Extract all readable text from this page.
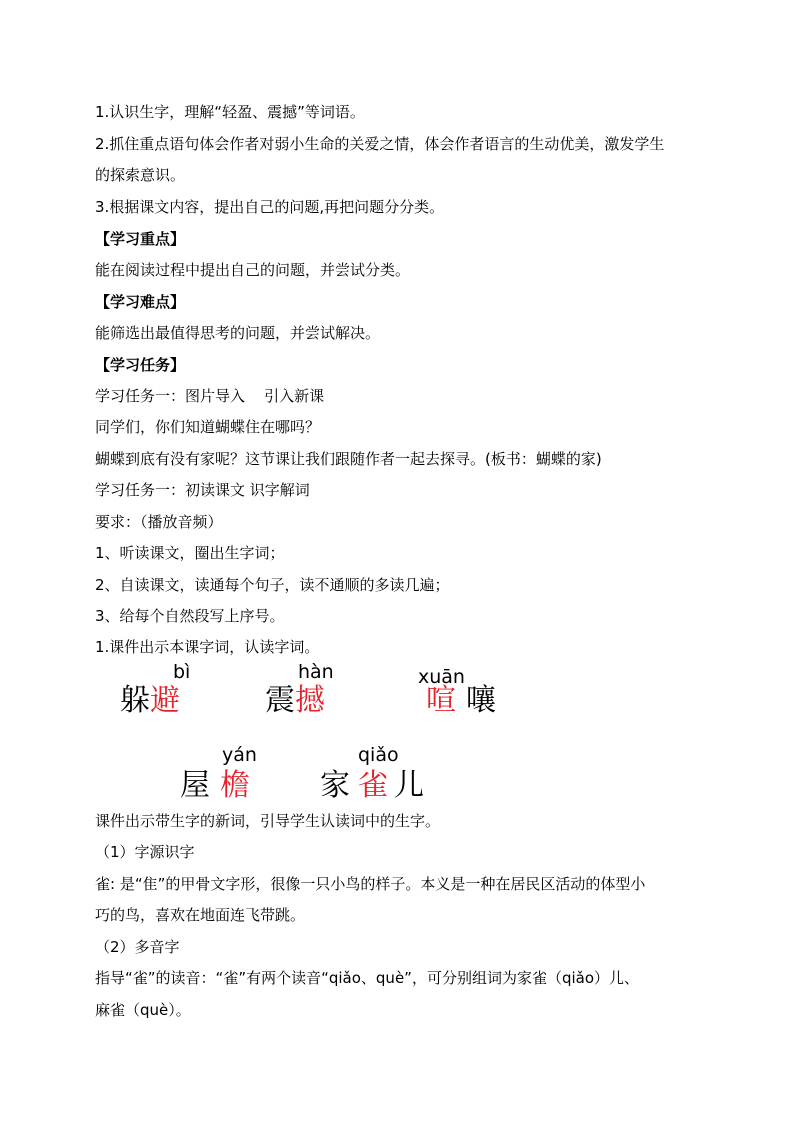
1.认识生字，理解“轻盈、震撼”等词语。
2.抓住重点语句体会作者对弱小生命的关爱之情，体会作者语言的生动优美，激发学生
的探索意识。
3.根据课文内容，提出自己的问题,再把问题分分类。
【学习重点】
能在阅读过程中提出自己的问题，并尝试分类。
【学习难点】
能筛选出最值得思考的问题，并尝试解决。
【学习任务】
学习任务一：图片导入    引入新课
同学们，你们知道蝴蝶住在哪吗？
蝴蝶到底有没有家呢？这节课让我们跟随作者一起去探寻。(板书：蝴蝶的家)
学习任务一：初读课文 识字解词
要求：（播放音频）
1、听读课文，圈出生字词；
2、自读课文，读通每个句子，读不通顺的多读几遍；
3、给每个自然段写上序号。
1.课件出示本课字词，认读字词。
bì
躲避
hàn
震撼
xuān
喧 嚷
yán
屋 檐
qiǎo
家 雀 儿
课件出示带生字的新词，引导学生认读词中的生字。
（1）字源识字
雀: 是“隹”的甲骨文字形，很像一只小鸟的样子。本义是一种在居民区活动的体型小
巧的鸟，喜欢在地面连飞带跳。
（2）多音字
指导“雀”的读音：“雀”有两个读音“qiǎo、què”，可分别组词为家雀（qiǎo）儿、
麻雀（què）。
